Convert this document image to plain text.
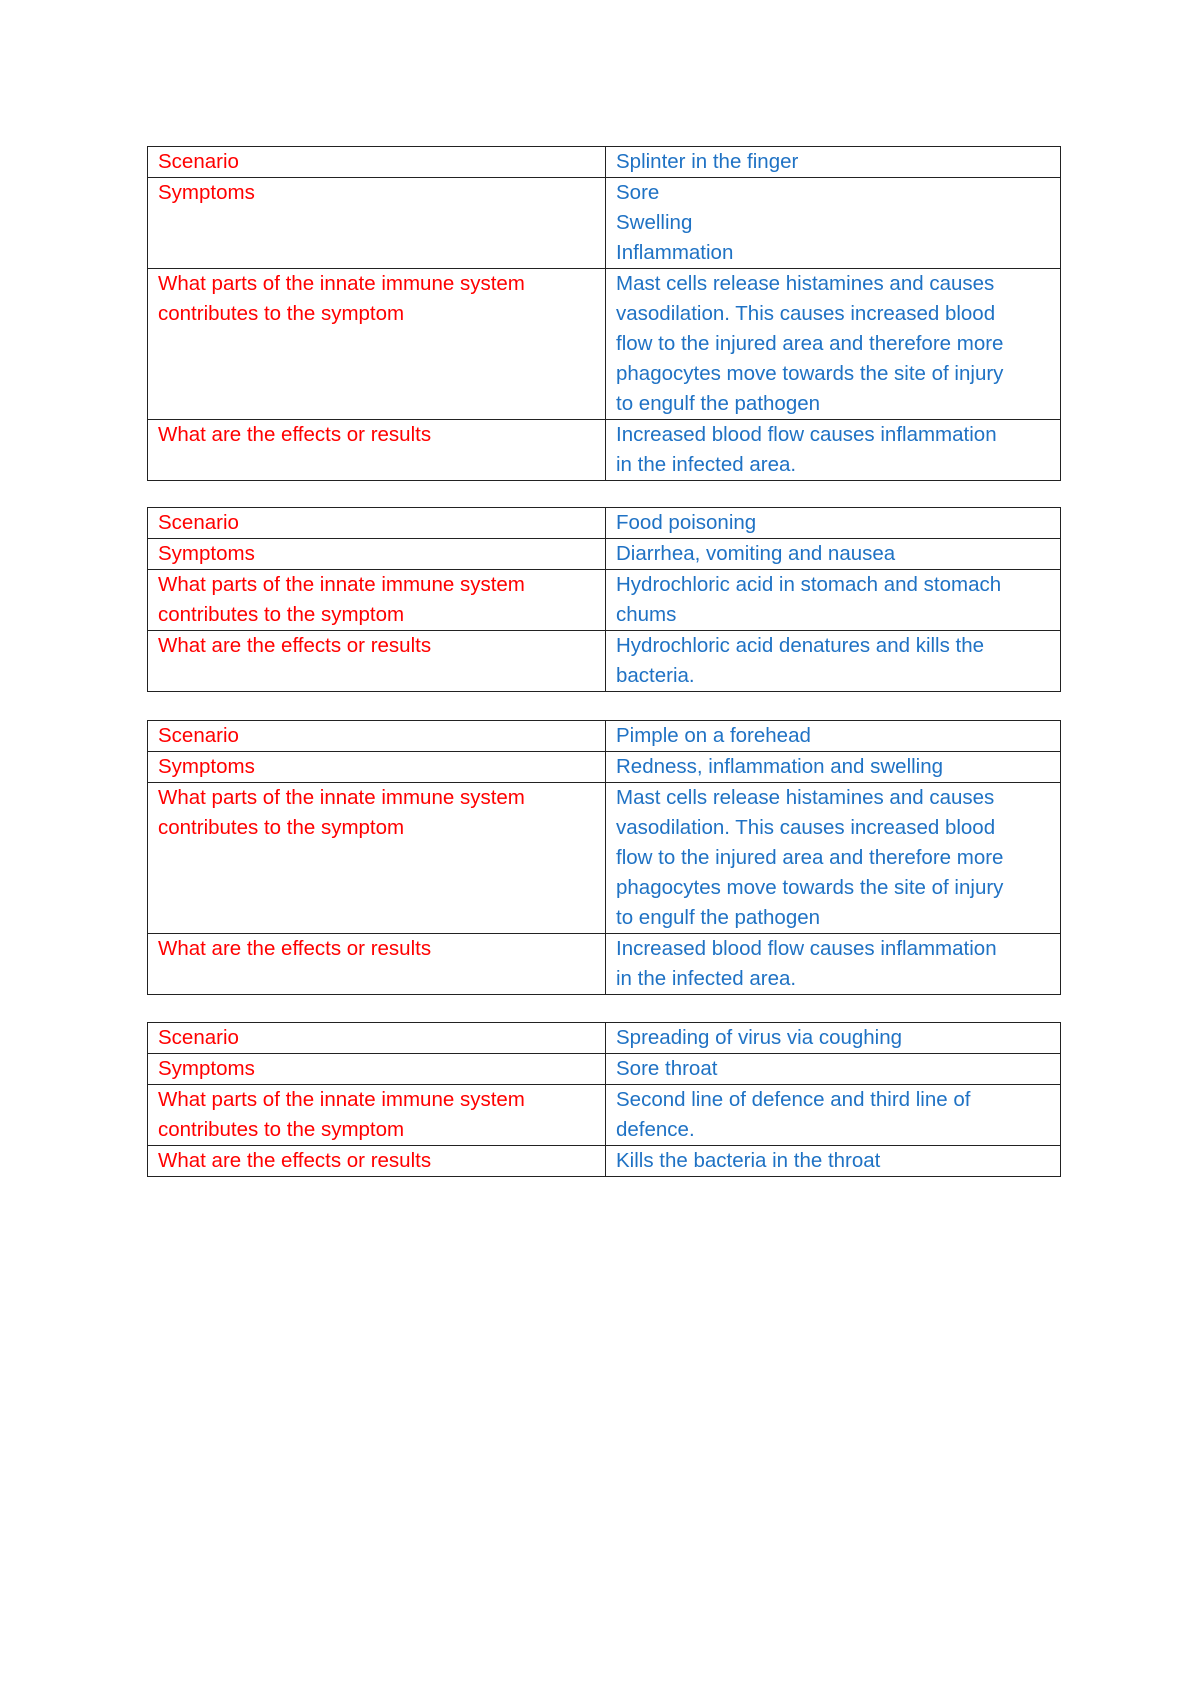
Scenario	Splinter in the finger

Symptoms	Sore
Swelling
Inflammation

What parts of the innate immune system
contributes to the symptom	Mast cells release histamines and causes
vasodilation. This causes increased blood
flow to the injured area and therefore more
phagocytes move towards the site of injury
to engulf the pathogen

What are the effects or results	Increased blood flow causes inflammation
in the infected area.
Scenario	Food poisoning

Symptoms	Diarrhea, vomiting and nausea

What parts of the innate immune system
contributes to the symptom	Hydrochloric acid in stomach and stomach
chums

What are the effects or results	Hydrochloric acid denatures and kills the
bacteria.
Scenario	Pimple on a forehead

Symptoms	Redness, inflammation and swelling

What parts of the innate immune system
contributes to the symptom	Mast cells release histamines and causes
vasodilation. This causes increased blood
flow to the injured area and therefore more
phagocytes move towards the site of injury
to engulf the pathogen

What are the effects or results	Increased blood flow causes inflammation
in the infected area.
Scenario	Spreading of virus via coughing

Symptoms	Sore throat

What parts of the innate immune system
contributes to the symptom	Second line of defence and third line of
defence.

What are the effects or results	Kills the bacteria in the throat
